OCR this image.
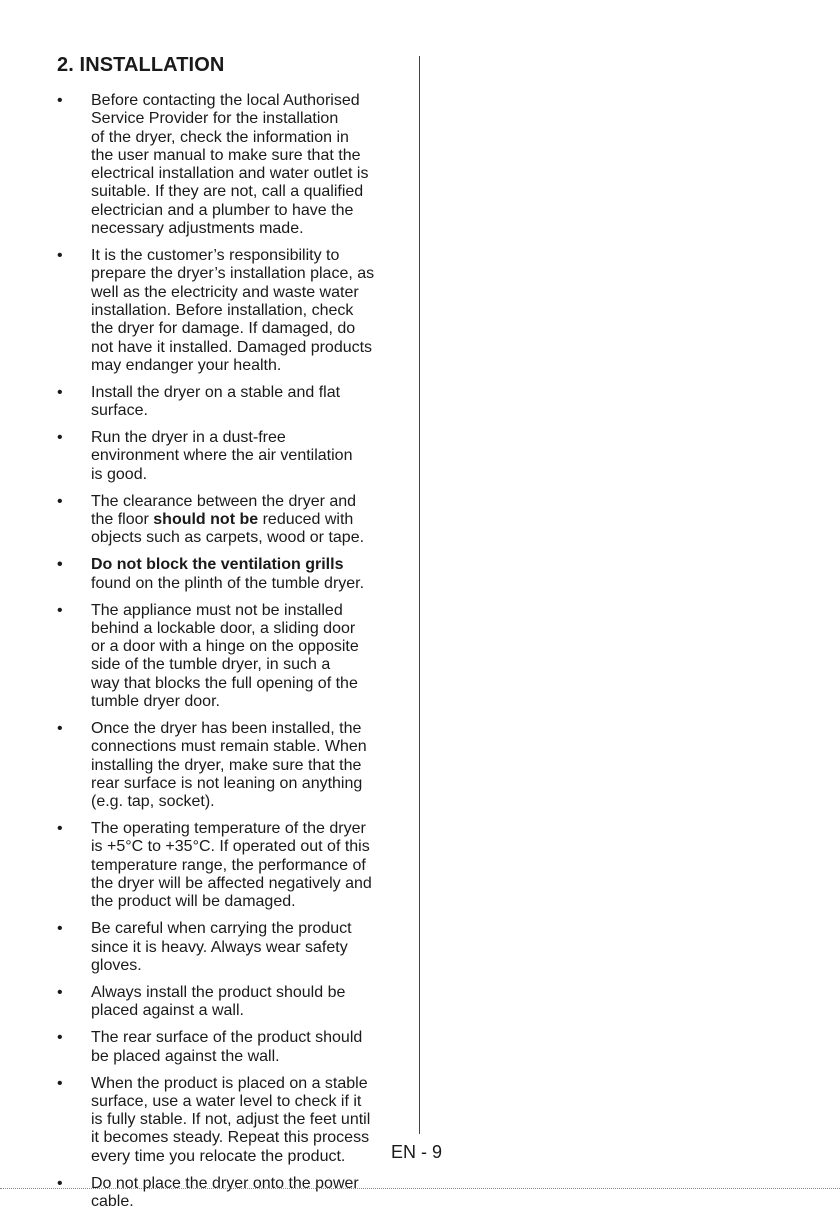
2. INSTALLATION
• Before contacting the local Authorised
Service Provider for the installation
of the dryer, check the information in
the user manual to make sure that the
electrical installation and water outlet is
suitable. If they are not, call a qualified
electrician and a plumber to have the
necessary adjustments made.
• It is the customer’s responsibility to
prepare the dryer’s installation place, as
well as the electricity and waste water
installation. Before installation, check
the dryer for damage. If damaged, do
not have it installed. Damaged products
may endanger your health.
• Install the dryer on a stable and flat
surface.
• Run the dryer in a dust-free
environment where the air ventilation
is good.
• The clearance between the dryer and
the floor should not be reduced with
objects such as carpets, wood or tape.
• Do not block the ventilation grills
found on the plinth of the tumble dryer.
• The appliance must not be installed
behind a lockable door, a sliding door
or a door with a hinge on the opposite
side of the tumble dryer, in such a
way that blocks the full opening of the
tumble dryer door.
• Once the dryer has been installed, the
connections must remain stable. When
installing the dryer, make sure that the
rear surface is not leaning on anything
(e.g. tap, socket).
• The operating temperature of the dryer
is +5°C to +35°C. If operated out of this
temperature range, the performance of
the dryer will be affected negatively and
the product will be damaged.
• Be careful when carrying the product
since it is heavy. Always wear safety
gloves.
• Always install the product should be
placed against a wall.
• The rear surface of the product should
be placed against the wall.
• When the product is placed on a stable
surface, use a water level to check if it
is fully stable. If not, adjust the feet until
it becomes steady. Repeat this process
every time you relocate the product.
• Do not place the dryer onto the power
cable.
EN - 9
